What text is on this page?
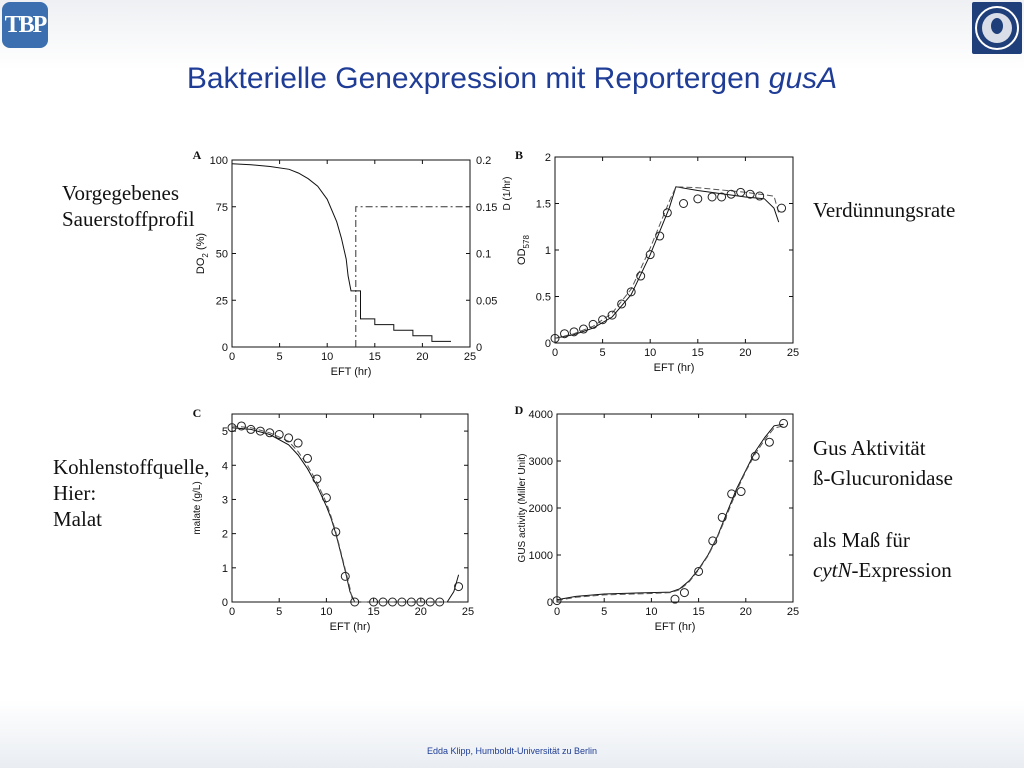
TBP
Bakterielle Genexpression mit Reportergen gusA
Vorgegebenes
Sauerstoffprofil	Verdünnungsrate
Kohlenstoffquelle,
Hier:
Malat
Gus Aktivität
ß-Glucuronidase
als Maß für
cytN-Expression
0	5	10	15	20	25
0
25
50
75
100
0
0.05
0.1
0.15
0.2
EFT (hr)
$DO_2$ (%)
D (1/hr)
A
0	5	10	15	20	25
0
0.5
1
1.5
2
EFT (hr)
$OD_{578}$
B
0	5	10	15	20	25
0
1
2
3
4
5
EFT (hr)
malate (g/L)
C
0	5	10	15	20	25
0
1000
2000
3000
4000
EFT (hr)
GUS activity (Miller Unit)
D
Edda Klipp, Humboldt-Universität zu Berlin
